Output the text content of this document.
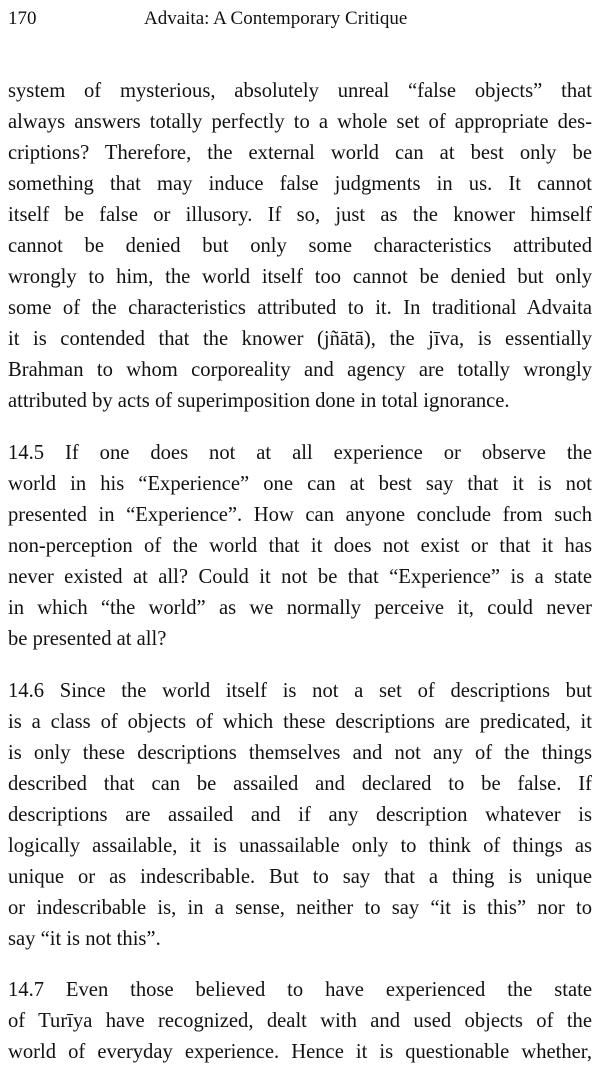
170	Advaita: A Contemporary Critique
system of mysterious, absolutely unreal “false objects” that
always answers totally perfectly to a whole set of appropriate des-
criptions? Therefore, the external world can at best only be
something that may induce false judgments in us. It cannot
itself be false or illusory. If so, just as the knower himself
cannot be denied but only some characteristics attributed
wrongly to him, the world itself too cannot be denied but only
some of the characteristics attributed to it. In traditional Advaita
it is contended that the knower (jñātā), the jīva, is essentially
Brahman to whom corporeality and agency are totally wrongly
attributed by acts of superimposition done in total ignorance.
14.5 If one does not at all experience or observe the
world in his “Experience” one can at best say that it is not
presented in “Experience”. How can anyone conclude from such
non-perception of the world that it does not exist or that it has
never existed at all? Could it not be that “Experience” is a state
in which “the world” as we normally perceive it, could never
be presented at all?
14.6 Since the world itself is not a set of descriptions but
is a class of objects of which these descriptions are predicated, it
is only these descriptions themselves and not any of the things
described that can be assailed and declared to be false. If
descriptions are assailed and if any description whatever is
logically assailable, it is unassailable only to think of things as
unique or as indescribable. But to say that a thing is unique
or indescribable is, in a sense, neither to say “it is this” nor to
say “it is not this”.
14.7 Even those believed to have experienced the state
of Turīya have recognized, dealt with and used objects of the
world of everyday experience. Hence it is questionable whether,
